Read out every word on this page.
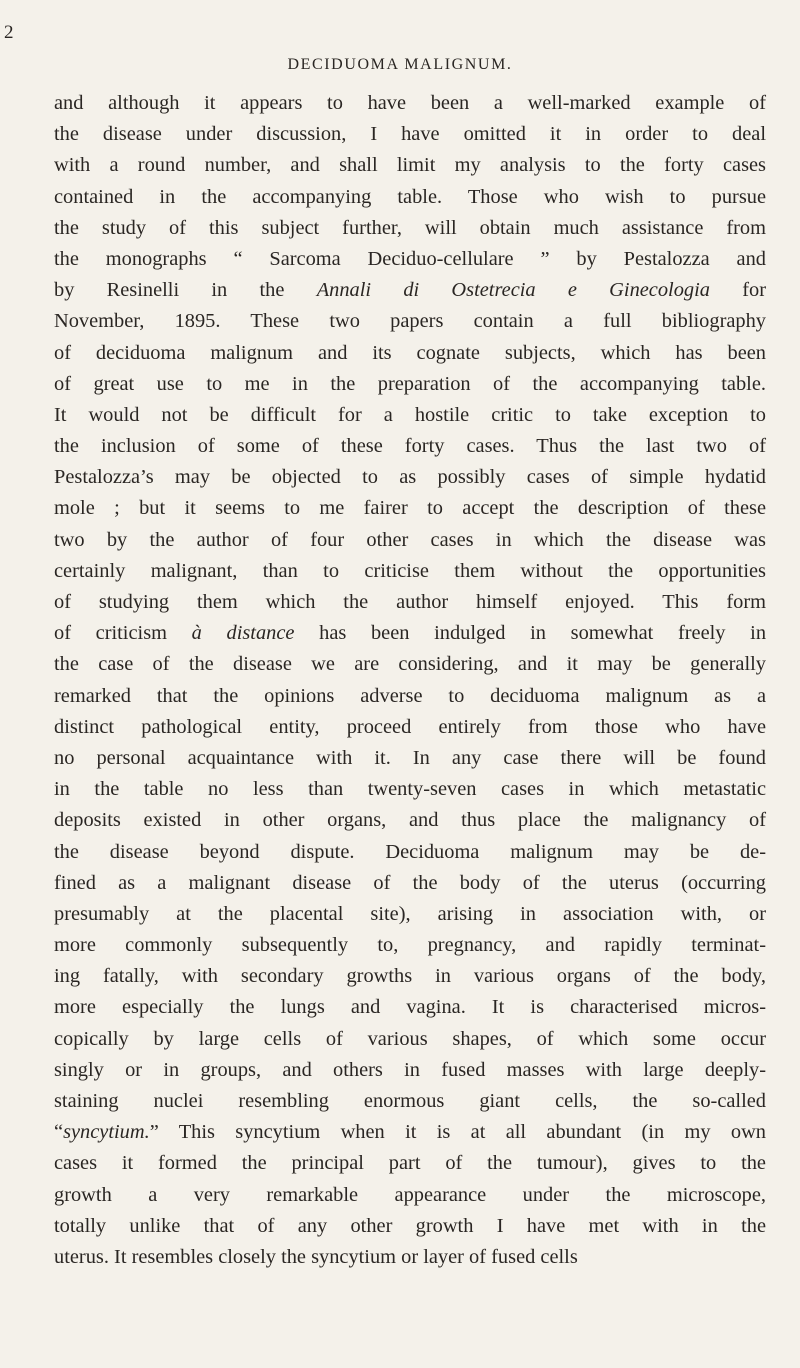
2
DECIDUOMA MALIGNUM.
and although it appears to have been a well-marked example of
the disease under discussion, I have omitted it in order to deal
with a round number, and shall limit my analysis to the forty cases
contained in the accompanying table. Those who wish to pursue
the study of this subject further, will obtain much assistance from
the monographs “ Sarcoma Deciduo-cellulare ” by Pestalozza and
by Resinelli in the Annali di Ostetrecia e Ginecologia for
November, 1895. These two papers contain a full bibliography
of deciduoma malignum and its cognate subjects, which has been
of great use to me in the preparation of the accompanying table.
It would not be difficult for a hostile critic to take exception to
the inclusion of some of these forty cases. Thus the last two of
Pestalozza’s may be objected to as possibly cases of simple hydatid
mole ; but it seems to me fairer to accept the description of these
two by the author of four other cases in which the disease was
certainly malignant, than to criticise them without the opportunities
of studying them which the author himself enjoyed. This form
of criticism à distance has been indulged in somewhat freely in
the case of the disease we are considering, and it may be generally
remarked that the opinions adverse to deciduoma malignum as a
distinct pathological entity, proceed entirely from those who have
no personal acquaintance with it. In any case there will be found
in the table no less than twenty-seven cases in which metastatic
deposits existed in other organs, and thus place the malignancy of
the disease beyond dispute. Deciduoma malignum may be de-
fined as a malignant disease of the body of the uterus (occurring
presumably at the placental site), arising in association with, or
more commonly subsequently to, pregnancy, and rapidly terminat-
ing fatally, with secondary growths in various organs of the body,
more especially the lungs and vagina. It is characterised micros-
copically by large cells of various shapes, of which some occur
singly or in groups, and others in fused masses with large deeply-
staining nuclei resembling enormous giant cells, the so-called
“syncytium.” This syncytium when it is at all abundant (in my own
cases it formed the principal part of the tumour), gives to the
growth a very remarkable appearance under the microscope,
totally unlike that of any other growth I have met with in the
uterus. It resembles closely the syncytium or layer of fused cells
